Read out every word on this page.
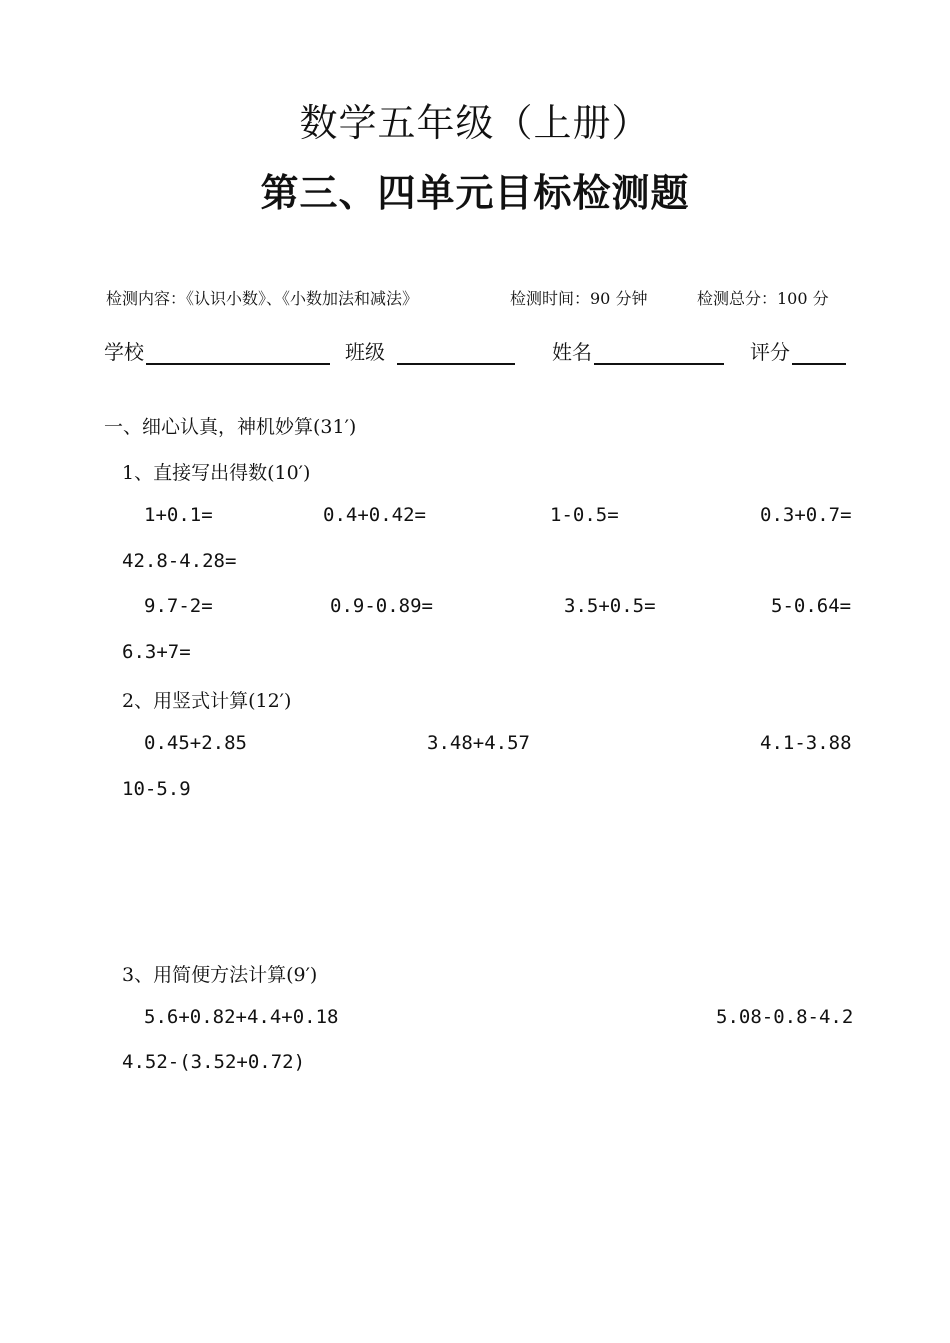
数学五年级（上册）
第三、四单元目标检测题
检测内容：《认识小数》、《小数加法和减法》	检测时间：90 分钟	检测总分：100 分
学校	班级	姓名	评分
一、细心认真，神机妙算(31′)
1、直接写出得数(10′)
1+0.1=	0.4+0.42=	1-0.5=	0.3+0.7=
42.8-4.28=
9.7-2=	0.9-0.89=	3.5+0.5=	5-0.64=
6.3+7=
2、用竖式计算(12′)
0.45+2.85	3.48+4.57	4.1-3.88
10-5.9
3、用简便方法计算(9′)
5.6+0.82+4.4+0.18	5.08-0.8-4.2
4.52-(3.52+0.72)
